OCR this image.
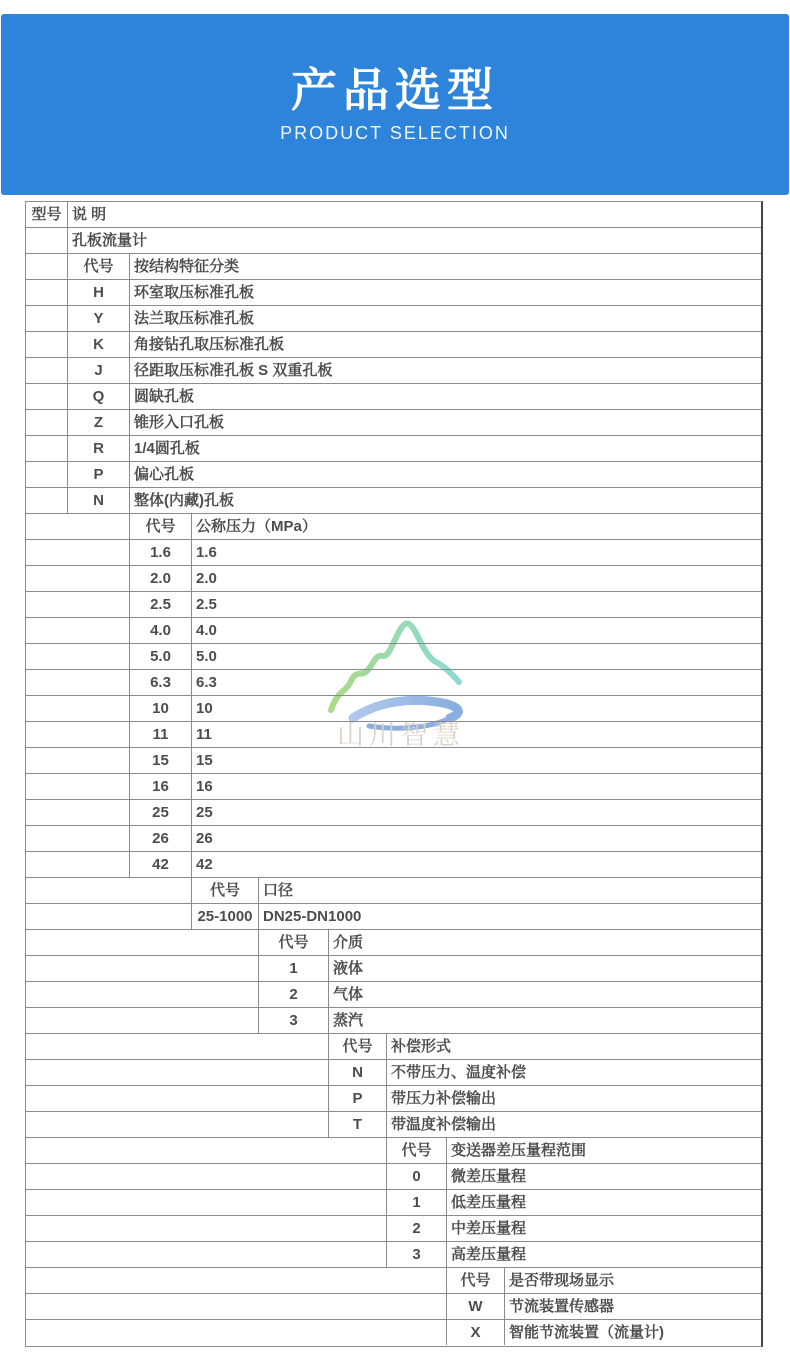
产品选型
PRODUCT SELECTION
山川智慧
型号 说 明
孔板流量计
代号	按结构特征分类
H	环室取压标准孔板
Y	法兰取压标准孔板
K	角接钻孔取压标准孔板
J	径距取压标准孔板 S 双重孔板
Q	圆缺孔板
Z	锥形入口孔板
R	1/4圆孔板
P	偏心孔板
N	整体(内藏)孔板
代号	公称压力（MPa）
1.6	1.6
2.0	2.0
2.5	2.5
4.0	4.0
5.0	5.0
6.3	6.3
10	10
11	11
15	15
16	16
25	25
26	26
42	42
代号	口径
25-1000 DN25-DN1000
代号	介质
1	液体
2	气体
3	蒸汽
代号	补偿形式
N	不带压力、温度补偿
P	带压力补偿输出
T	带温度补偿输出
代号	变送器差压量程范围
0	微差压量程
1	低差压量程
2	中差压量程
3	高差压量程
代号	是否带现场显示
W	节流装置传感器
X	智能节流装置（流量计)
